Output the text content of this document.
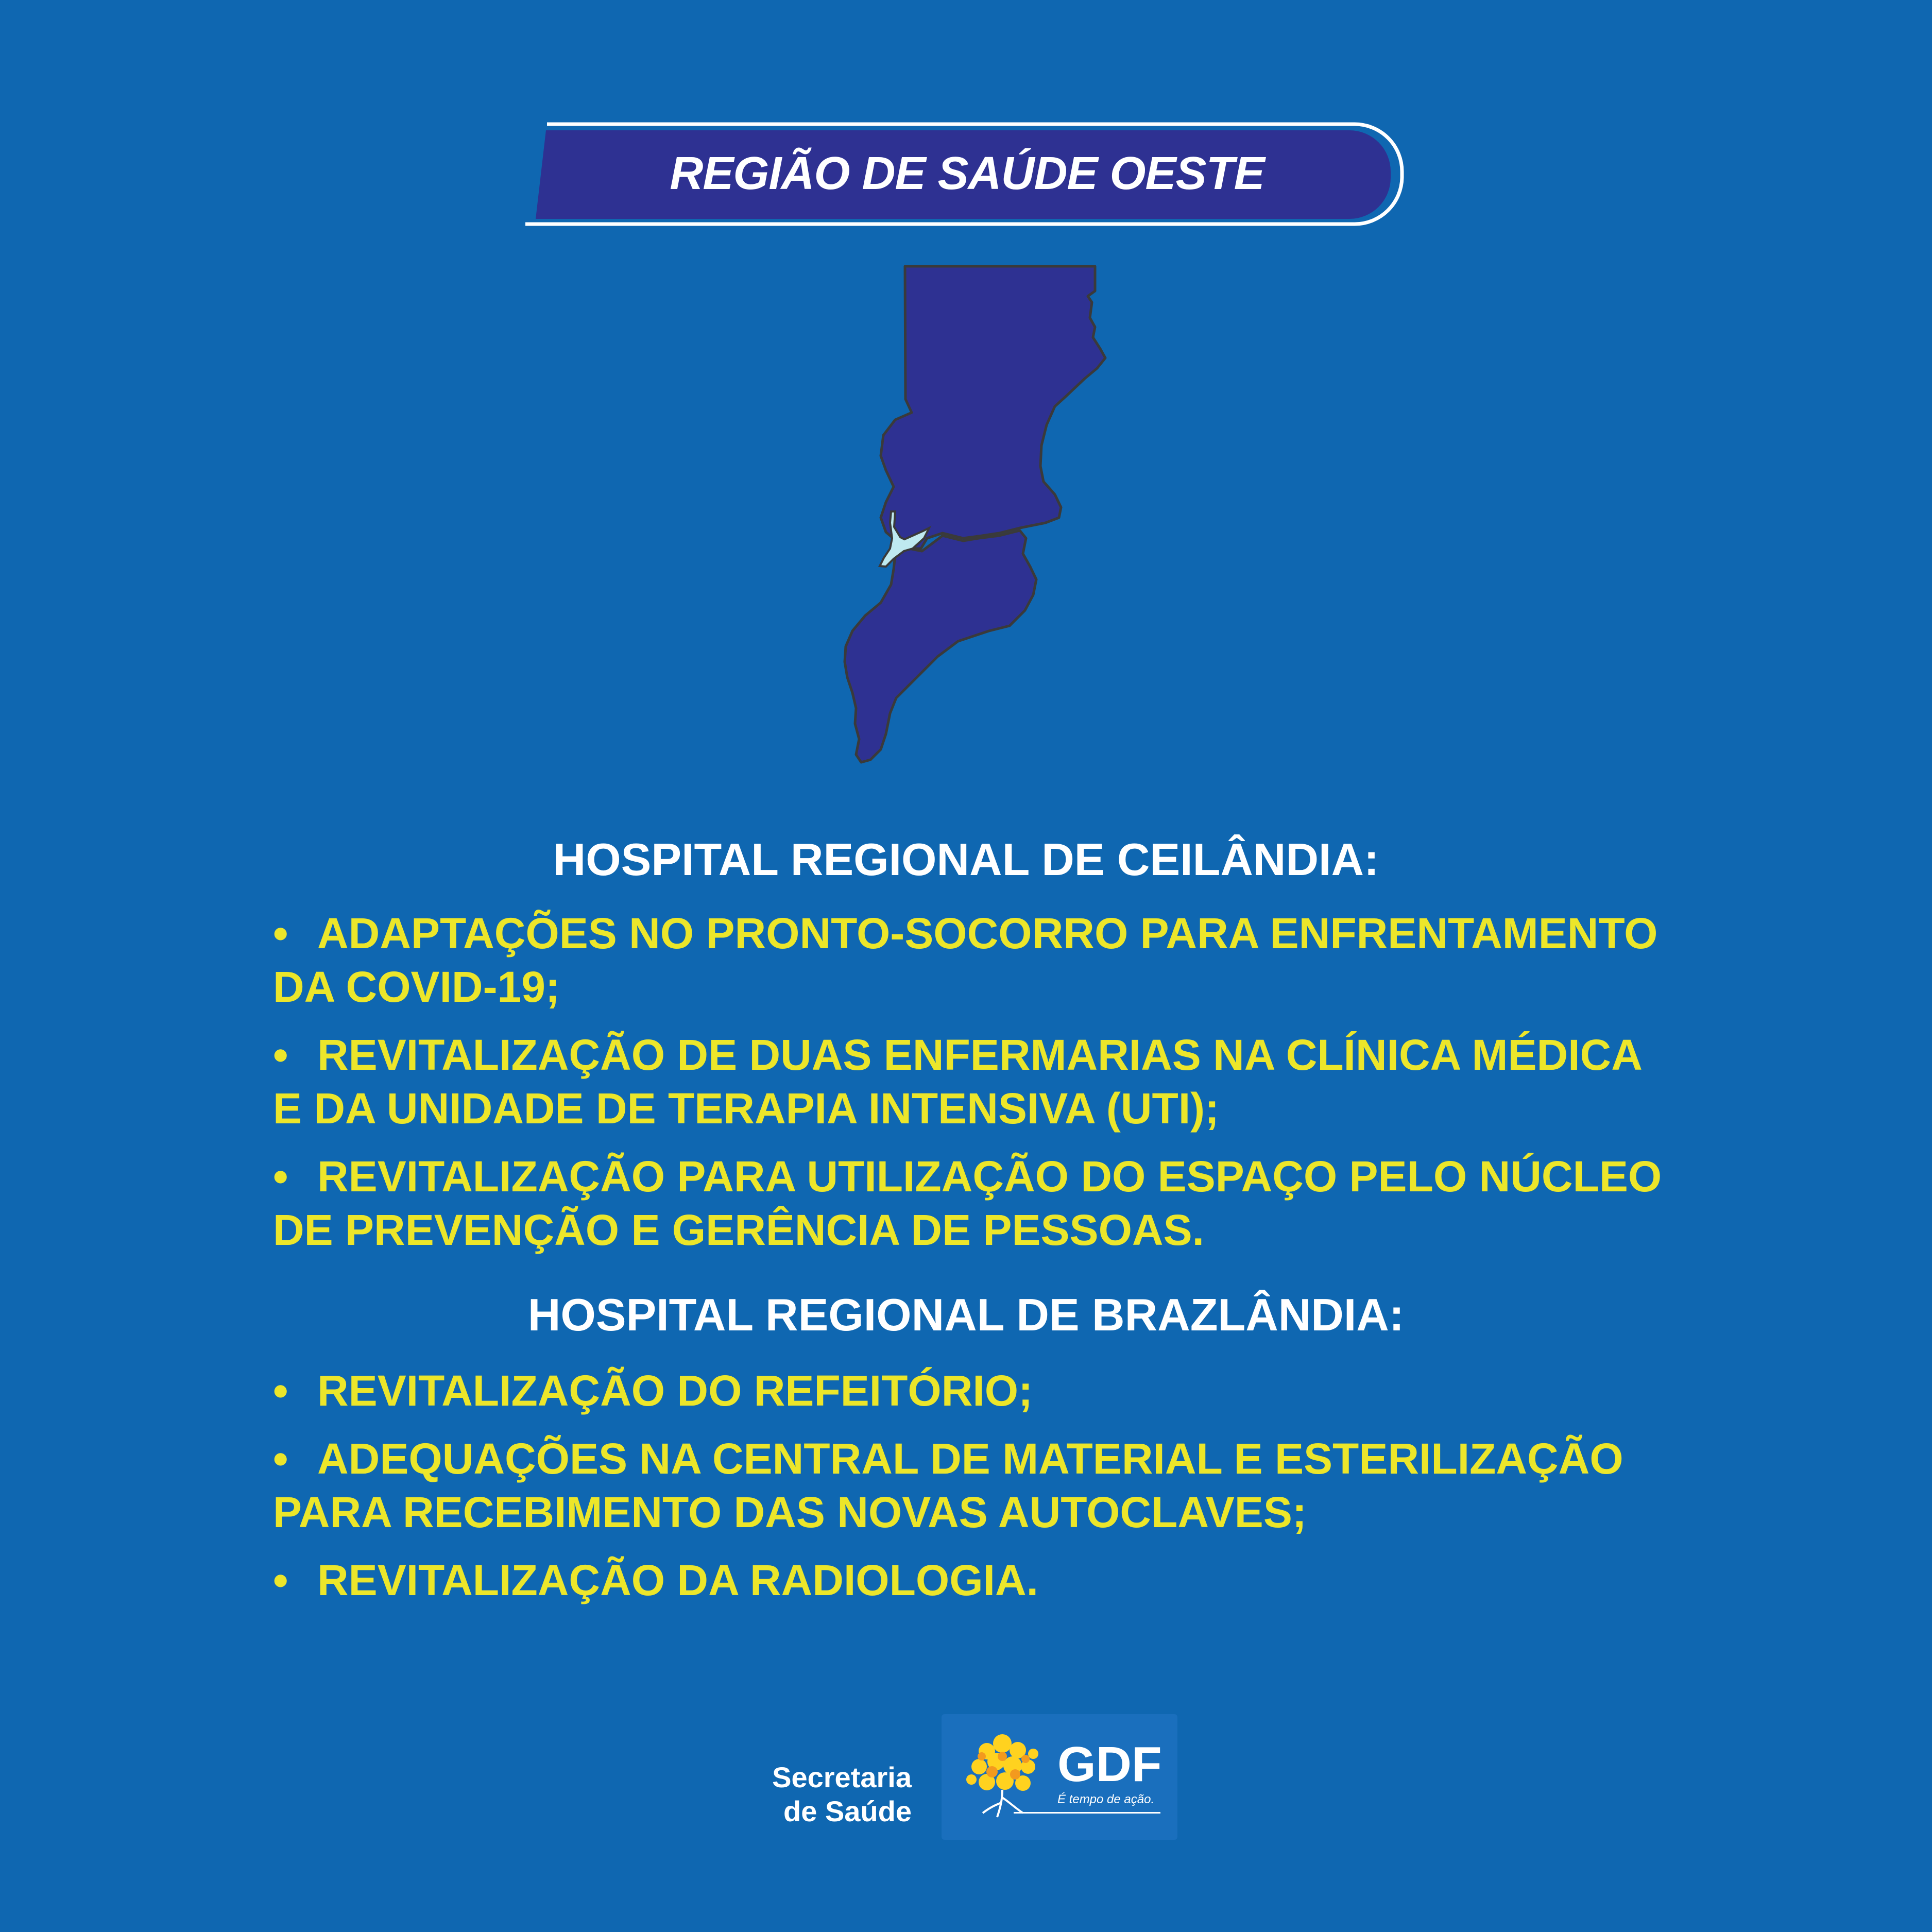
REGIÃO DE SAÚDE OESTE
HOSPITAL REGIONAL DE CEILÂNDIA:
• ADAPTAÇÕES NO PRONTO-SOCORRO PARA ENFRENTAMENTO DA COVID-19;
• REVITALIZAÇÃO DE DUAS ENFERMARIAS NA CLÍNICA MÉDICA E DA UNIDADE DE TERAPIA INTENSIVA (UTI);
• REVITALIZAÇÃO PARA UTILIZAÇÃO DO ESPAÇO PELO NÚCLEO DE PREVENÇÃO E GERÊNCIA DE PESSOAS.
HOSPITAL REGIONAL DE BRAZLÂNDIA:
• REVITALIZAÇÃO DO REFEITÓRIO;
• ADEQUAÇÕES NA CENTRAL DE MATERIAL E ESTERILIZAÇÃO PARA RECEBIMENTO DAS NOVAS AUTOCLAVES;
• REVITALIZAÇÃO DA RADIOLOGIA.
Secretaria
de Saúde
GDF
É tempo de ação.
